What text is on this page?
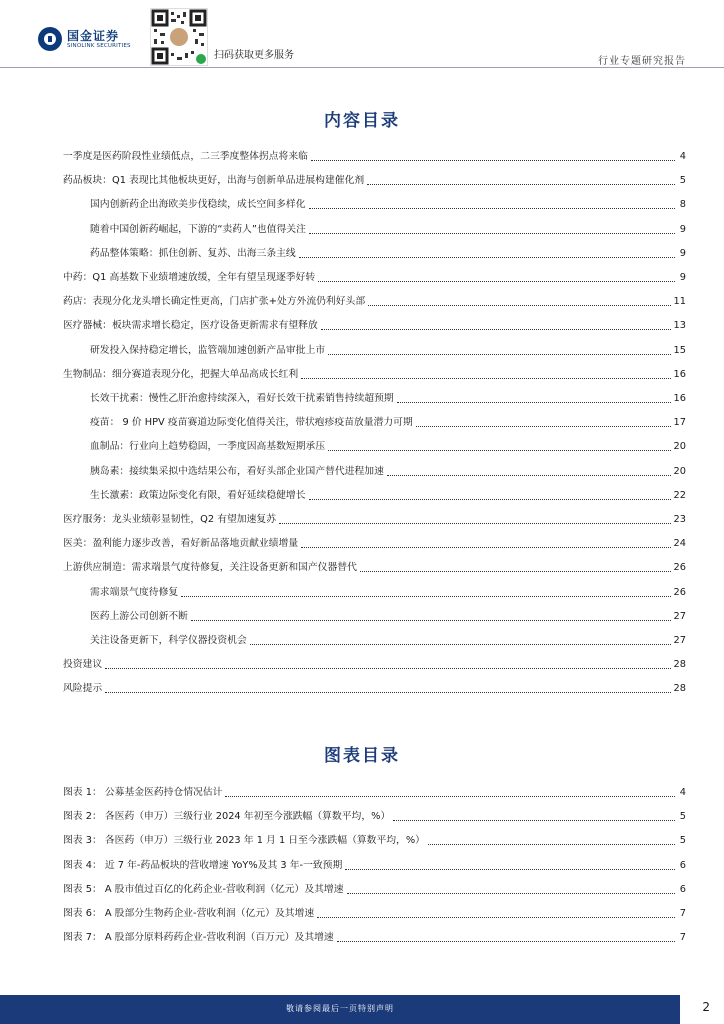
国金证券
SINOLINK SECURITIES
扫码获取更多服务
行业专题研究报告
内容目录
一季度是医药阶段性业绩低点，二三季度整体拐点将来临	4
药品板块：Q1 表现比其他板块更好，出海与创新单品进展构建催化剂	5
国内创新药企出海欧美步伐稳续，成长空间多样化	8
随着中国创新药崛起，下游的“卖药人”也值得关注	9
药品整体策略：抓住创新、复苏、出海三条主线	9
中药：Q1 高基数下业绩增速放缓，全年有望呈现逐季好转	9
药店：表现分化龙头增长确定性更高，门店扩张+处方外流仍利好头部	11
医疗器械：板块需求增长稳定，医疗设备更新需求有望释放	13
研发投入保持稳定增长，监管端加速创新产品审批上市	15
生物制品：细分赛道表现分化，把握大单品高成长红利	16
长效干扰素：慢性乙肝治愈持续深入，看好长效干扰素销售持续超预期	16
疫苗： 9 价 HPV 疫苗赛道边际变化值得关注，带状疱疹疫苗放量潜力可期	17
血制品：行业向上趋势稳固，一季度因高基数短期承压	20
胰岛素：接续集采拟中选结果公布，看好头部企业国产替代进程加速	20
生长激素：政策边际变化有限，看好延续稳健增长	22
医疗服务：龙头业绩彰显韧性，Q2 有望加速复苏	23
医美：盈利能力逐步改善，看好新品落地贡献业绩增量	24
上游供应制造：需求端景气度待修复，关注设备更新和国产仪器替代	26
需求端景气度待修复	26
医药上游公司创新不断	27
关注设备更新下，科学仪器投资机会	27
投资建议	28
风险提示	28
图表目录
图表 1： 公募基金医药持仓情况估计	4
图表 2： 各医药（申万）三级行业 2024 年初至今涨跌幅（算数平均，%）	5
图表 3： 各医药（申万）三级行业 2023 年 1 月 1 日至今涨跌幅（算数平均，%）	5
图表 4： 近 7 年-药品板块的营收增速 YoY%及其 3 年-一致预期	6
图表 5： A 股市值过百亿的化药企业-营收利润（亿元）及其增速	6
图表 6： A 股部分生物药企业-营收利润（亿元）及其增速	7
图表 7： A 股部分原料药药企业-营收利润（百万元）及其增速	7
敬请参阅最后一页特别声明	2
